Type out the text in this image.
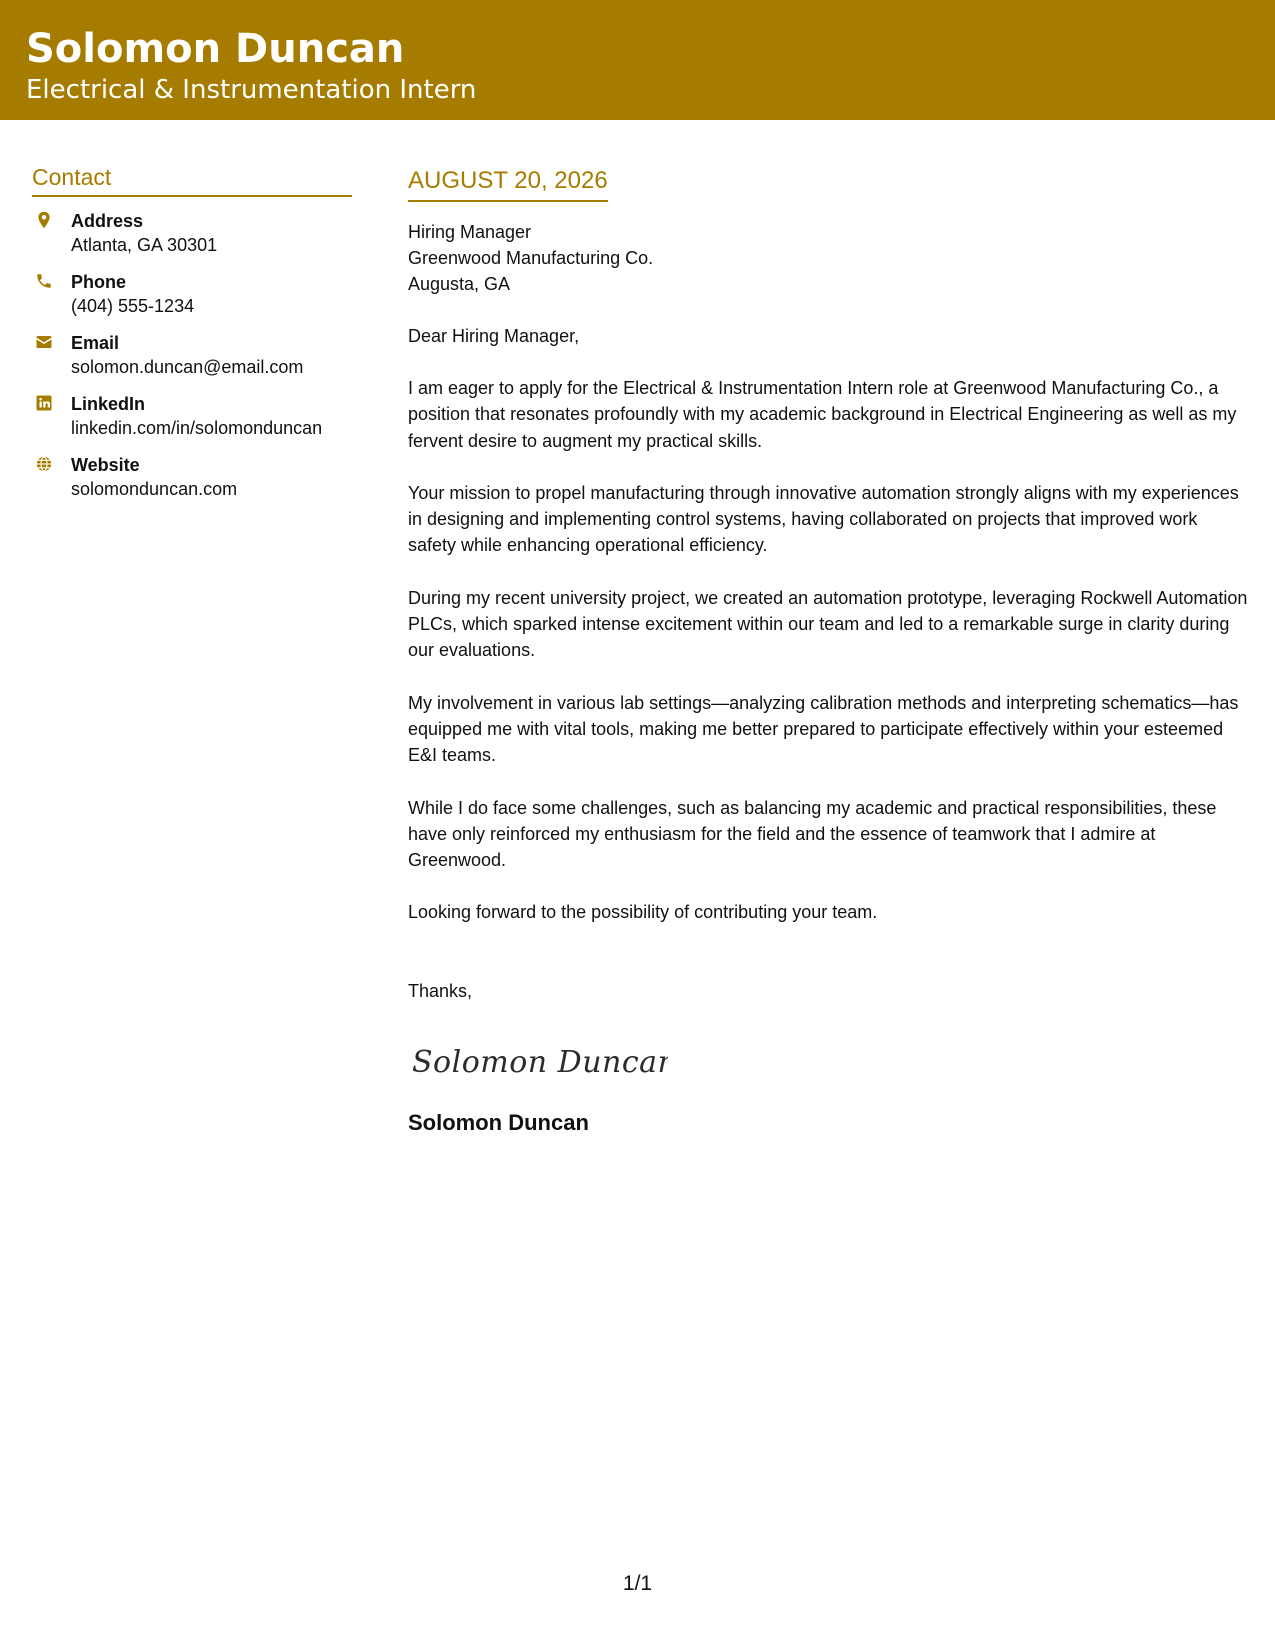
Solomon Duncan
Electrical & Instrumentation Intern
Contact
Address
Atlanta, GA 30301
Phone
(404) 555-1234
Email
solomon.duncan@email.com
LinkedIn
linkedin.com/in/solomonduncan
Website
solomonduncan.com
AUGUST 20, 2026
Hiring Manager
Greenwood Manufacturing Co.
Augusta, GA
Dear Hiring Manager,

I am eager to apply for the Electrical & Instrumentation Intern role at Greenwood Manufacturing Co., a position that resonates profoundly with my academic background in Electrical Engineering as well as my fervent desire to augment my practical skills.

Your mission to propel manufacturing through innovative automation strongly aligns with my experiences in designing and implementing control systems, having collaborated on projects that improved work safety while enhancing operational efficiency.

During my recent university project, we created an automation prototype, leveraging Rockwell Automation PLCs, which sparked intense excitement within our team and led to a remarkable surge in clarity during our evaluations.

My involvement in various lab settings—analyzing calibration methods and interpreting schematics—has equipped me with vital tools, making me better prepared to participate effectively within your esteemed E&I teams.

While I do face some challenges, such as balancing my academic and practical responsibilities, these have only reinforced my enthusiasm for the field and the essence of teamwork that I admire at Greenwood.

Looking forward to the possibility of contributing your team.

Thanks,
Solomon Duncan
Solomon Duncan
1/1
